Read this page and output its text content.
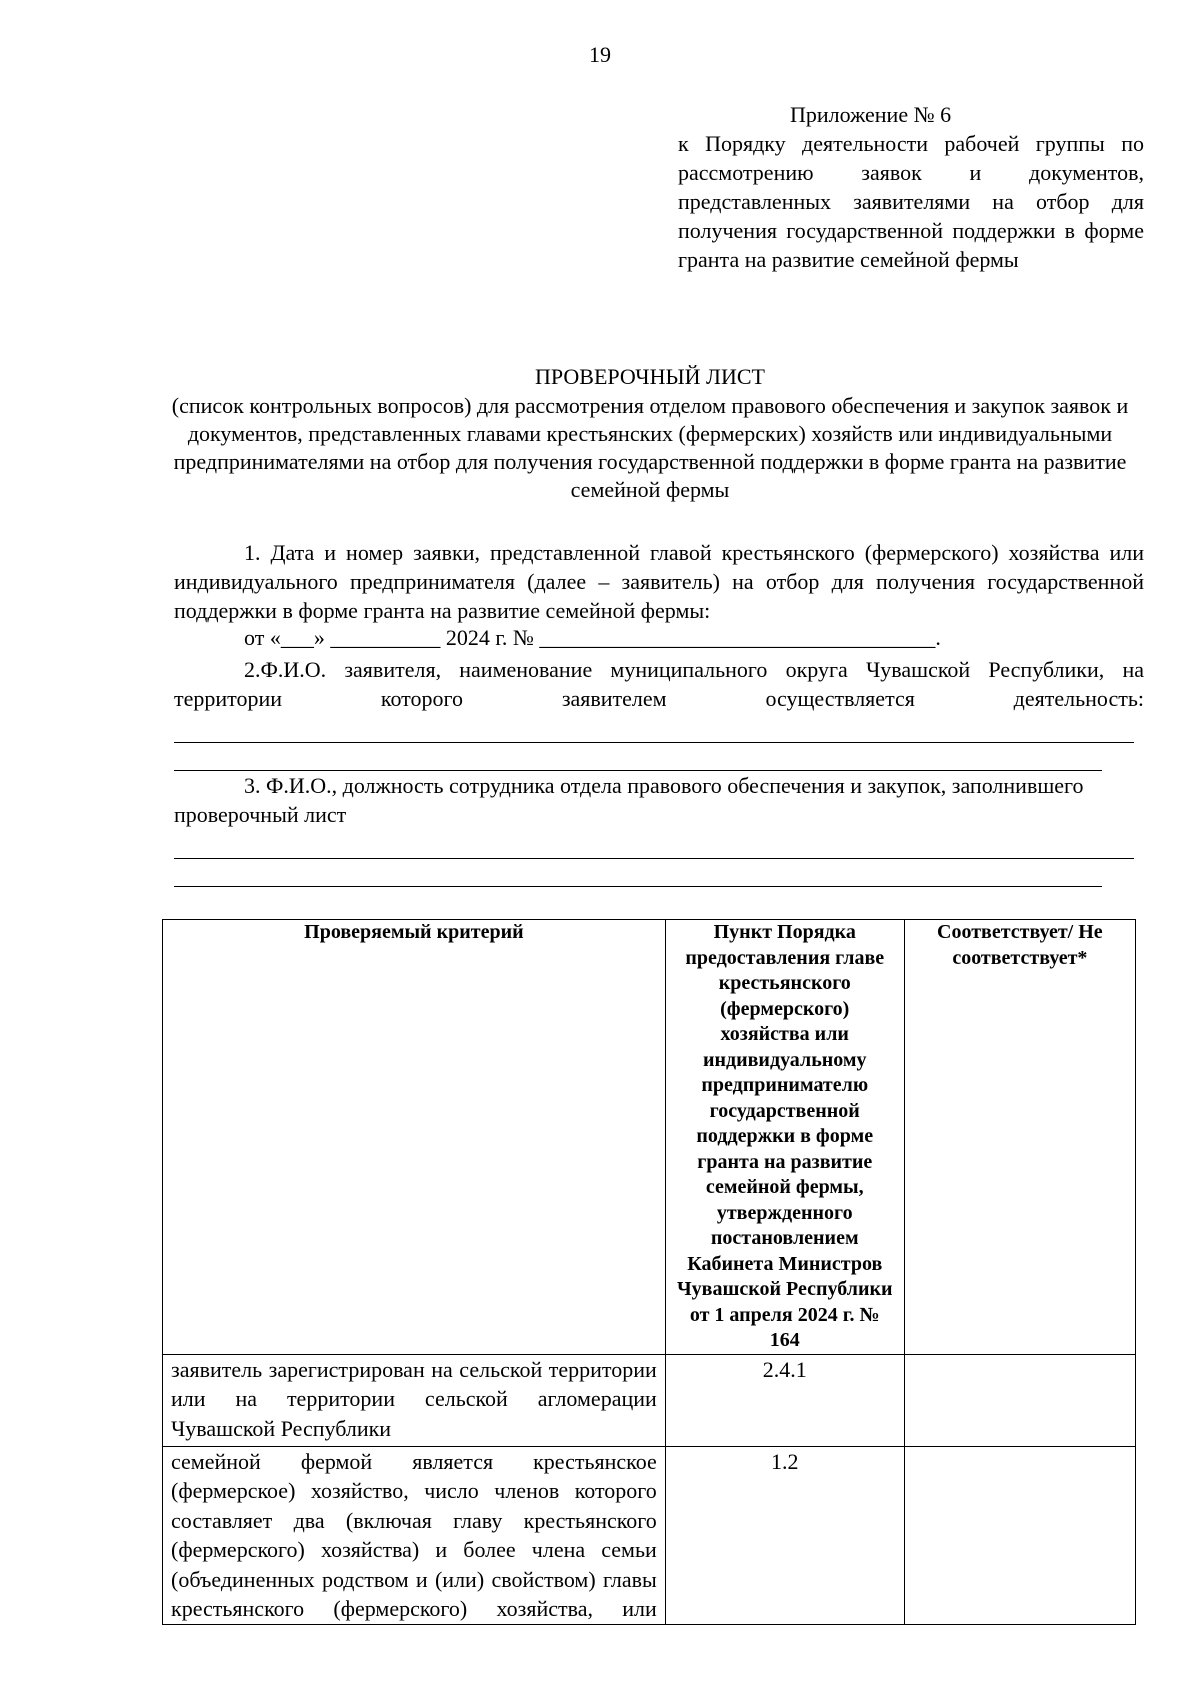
19
Приложение № 6
к Порядку деятельности рабочей группы по рассмотрению заявок и документов, представленных заявителями на отбор для получения государственной поддержки в форме гранта на развитие семейной фермы
ПРОВЕРОЧНЫЙ ЛИСТ
(список контрольных вопросов) для рассмотрения отделом правового обеспечения и закупок заявок и документов, представленных главами крестьянских (фермерских) хозяйств или индивидуальными предпринимателями на отбор для получения государственной поддержки в форме гранта на развитие семейной фермы
1. Дата и номер заявки, представленной главой крестьянского (фермерского) хозяйства или индивидуального предпринимателя (далее – заявитель) на отбор для получения государственной поддержки в форме гранта на развитие семейной фермы:
от «___» __________ 2024 г. № ____________________________________.
2.Ф.И.О. заявителя, наименование муниципального округа Чувашской Республики, на территории которого заявителем осуществляется деятельность:
3. Ф.И.О., должность сотрудника отдела правового обеспечения и закупок, заполнившего проверочный лист
Проверяемый критерий	Пункт Порядка предоставления главе крестьянского (фермерского) хозяйства или индивидуальному предпринимателю государственной поддержки в форме гранта на развитие семейной фермы, утвержденного постановлением Кабинета Министров Чувашской Республики от 1 апреля 2024 г. № 164	Соответствует/ Не соответствует*
заявитель зарегистрирован на сельской территории или на территории сельской агломерации Чувашской Республики	2.4.1	
семейной фермой является крестьянское (фермерское) хозяйство, число членов которого составляет два (включая главу крестьянского (фермерского) хозяйства) и более члена семьи (объединенных родством и (или) свойством) главы крестьянского (фермерского) хозяйства, или	1.2	
